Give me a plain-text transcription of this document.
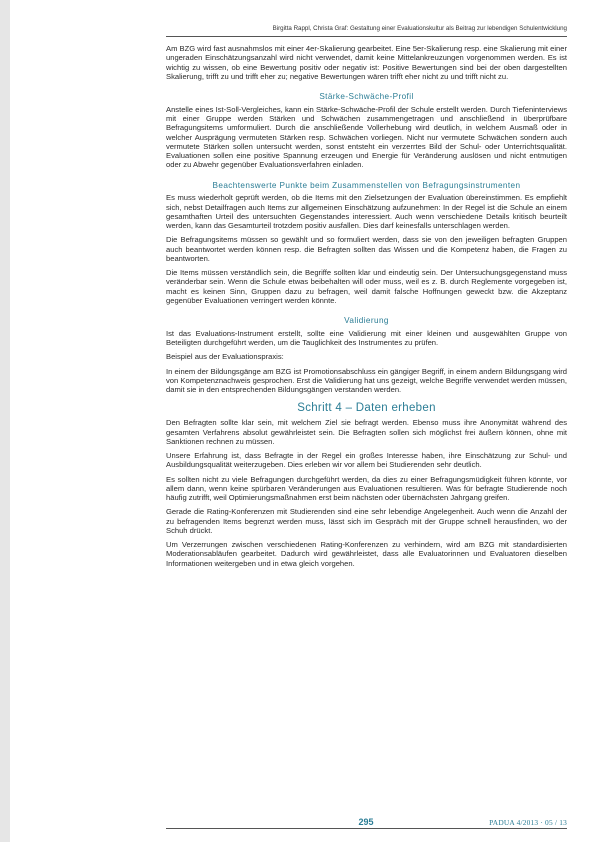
Birgitta Rappl, Christa Graf: Gestaltung einer Evaluationskultur als Beitrag zur lebendigen Schulentwicklung

Am BZG wird fast ausnahmslos mit einer 4er-Skalierung gearbeitet. Eine 5er-Skalierung resp. eine Skalierung mit einer ungeraden Einschätzungsanzahl wird nicht verwendet, damit keine Mittelankreuzungen vorgenommen werden. Es ist wichtig zu wissen, ob eine Bewertung positiv oder negativ ist: Positive Bewertungen sind bei der oben dargestellten Skalierung, trifft zu und trifft eher zu; negative Bewertungen wären trifft eher nicht zu und trifft nicht zu.

Stärke-Schwäche-Profil

Anstelle eines Ist-Soll-Vergleiches, kann ein Stärke-Schwäche-Profil der Schule erstellt werden. Durch Tiefeninterviews mit einer Gruppe werden Stärken und Schwächen zusammengetragen und anschließend in überprüfbare Befragungsitems umformuliert. Durch die anschließende Vollerhebung wird deutlich, in welchem Ausmaß oder in welcher Ausprägung vermuteten Stärken resp. Schwächen vorliegen. Nicht nur vermutete Schwächen sondern auch vermutete Stärken sollen untersucht werden, sonst entsteht ein verzerrtes Bild der Schul- oder Unterrichtsqualität. Evaluationen sollen eine positive Spannung erzeugen und Energie für Veränderung auslösen und nicht entmutigen oder zu Abwehr gegenüber Evaluationsverfahren einladen.

Beachtenswerte Punkte beim Zusammenstellen von Befragungsinstrumenten

Es muss wiederholt geprüft werden, ob die Items mit den Zielsetzungen der Evaluation übereinstimmen. Es empfiehlt sich, nebst Detailfragen auch Items zur allgemeinen Einschätzung aufzunehmen: In der Regel ist die Schule an einem gesamthaften Urteil des untersuchten Gegenstandes interessiert. Auch wenn verschiedene Details kritisch beurteilt werden, kann das Gesamturteil trotzdem positiv ausfallen. Dies darf keinesfalls unterschlagen werden.

Die Befragungsitems müssen so gewählt und so formuliert werden, dass sie von den jeweiligen befragten Gruppen auch beantwortet werden können resp. die Befragten sollten das Wissen und die Kompetenz haben, die Fragen zu beantworten.

Die Items müssen verständlich sein, die Begriffe sollten klar und eindeutig sein. Der Untersuchungsgegenstand muss veränderbar sein. Wenn die Schule etwas beibehalten will oder muss, weil es z. B. durch Reglemente vorgegeben ist, macht es keinen Sinn, Gruppen dazu zu befragen, weil damit falsche Hoffnungen geweckt bzw. die Akzeptanz gegenüber Evaluationen verringert werden könnte.

Validierung

Ist das Evaluations-Instrument erstellt, sollte eine Validierung mit einer kleinen und ausgewählten Gruppe von Beteiligten durchgeführt werden, um die Tauglichkeit des Instrumentes zu prüfen.

Beispiel aus der Evaluationspraxis:

In einem der Bildungsgänge am BZG ist Promotionsabschluss ein gängiger Begriff, in einem andern Bildungsgang wird von Kompetenznachweis gesprochen. Erst die Validierung hat uns gezeigt, welche Begriffe verwendet werden müssen, damit sie in den entsprechenden Bildungsgängen verstanden werden.

Schritt 4 – Daten erheben

Den Befragten sollte klar sein, mit welchem Ziel sie befragt werden. Ebenso muss ihre Anonymität während des gesamten Verfahrens absolut gewährleistet sein. Die Befragten sollen sich möglichst frei äußern können, ohne mit Sanktionen rechnen zu müssen.

Unsere Erfahrung ist, dass Befragte in der Regel ein großes Interesse haben, ihre Einschätzung zur Schul- und Ausbildungsqualität weiterzugeben. Dies erleben wir vor allem bei Studierenden sehr deutlich.

Es sollten nicht zu viele Befragungen durchgeführt werden, da dies zu einer Befragungsmüdigkeit führen könnte, vor allem dann, wenn keine spürbaren Veränderungen aus Evaluationen resultieren. Was für befragte Studierende noch häufig zutrifft, weil Optimierungsmaßnahmen erst beim nächsten oder übernächsten Jahrgang greifen.

Gerade die Rating-Konferenzen mit Studierenden sind eine sehr lebendige Angelegenheit. Auch wenn die Anzahl der zu befragenden Items begrenzt werden muss, lässt sich im Gespräch mit der Gruppe schnell herausfinden, wo der Schuh drückt.

Um Verzerrungen zwischen verschiedenen Rating-Konferenzen zu verhindern, wird am BZG mit standardisierten Moderationsabläufen gearbeitet. Dadurch wird gewährleistet, dass alle Evaluatorinnen und Evaluatoren dieselben Informationen weitergeben und in etwa gleich vorgehen.

295	PADUA 4/2013 · 05 / 13
